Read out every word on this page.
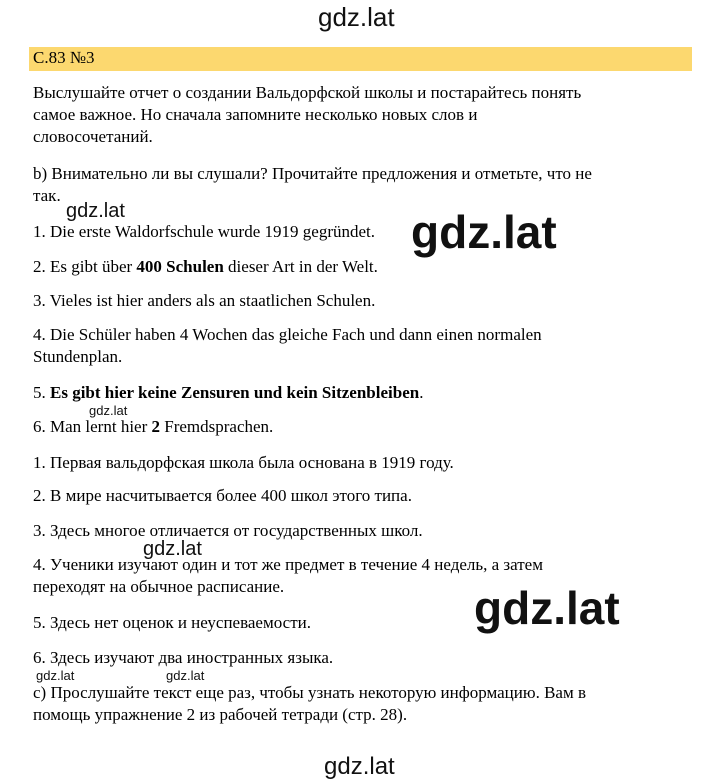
gdz.lat
С.83 №3
Выслушайте отчет о создании Вальдорфской школы и постарайтесь понять
самое важное. Но сначала запомните несколько новых слов и
словосочетаний.
b) Внимательно ли вы слушали? Прочитайте предложения и отметьте, что не
так.
1. Die erste Waldorfschule wurde 1919 gegründet.
2. Es gibt über 400 Schulen dieser Art in der Welt.
3. Vieles ist hier anders als an staatlichen Schulen.
4. Die Schüler haben 4 Wochen das gleiche Fach und dann einen normalen
Stundenplan.
5. Es gibt hier keine Zensuren und kein Sitzenbleiben.
6. Man lernt hier 2 Fremdsprachen.
1. Первая вальдорфская школа была основана в 1919 году.
2. В мире насчитывается более 400 школ этого типа.
3. Здесь многое отличается от государственных школ.
4. Ученики изучают один и тот же предмет в течение 4 недель, а затем
переходят на обычное расписание.
5. Здесь нет оценок и неуспеваемости.
6. Здесь изучают два иностранных языка.
c) Прослушайте текст еще раз, чтобы узнать некоторую информацию. Вам в
помощь упражнение 2 из рабочей тетради (стр. 28).
gdz.lat	gdz.lat
gdz.lat
gdz.lat
gdz.lat
gdz.lat	gdz.lat
gdz.lat
